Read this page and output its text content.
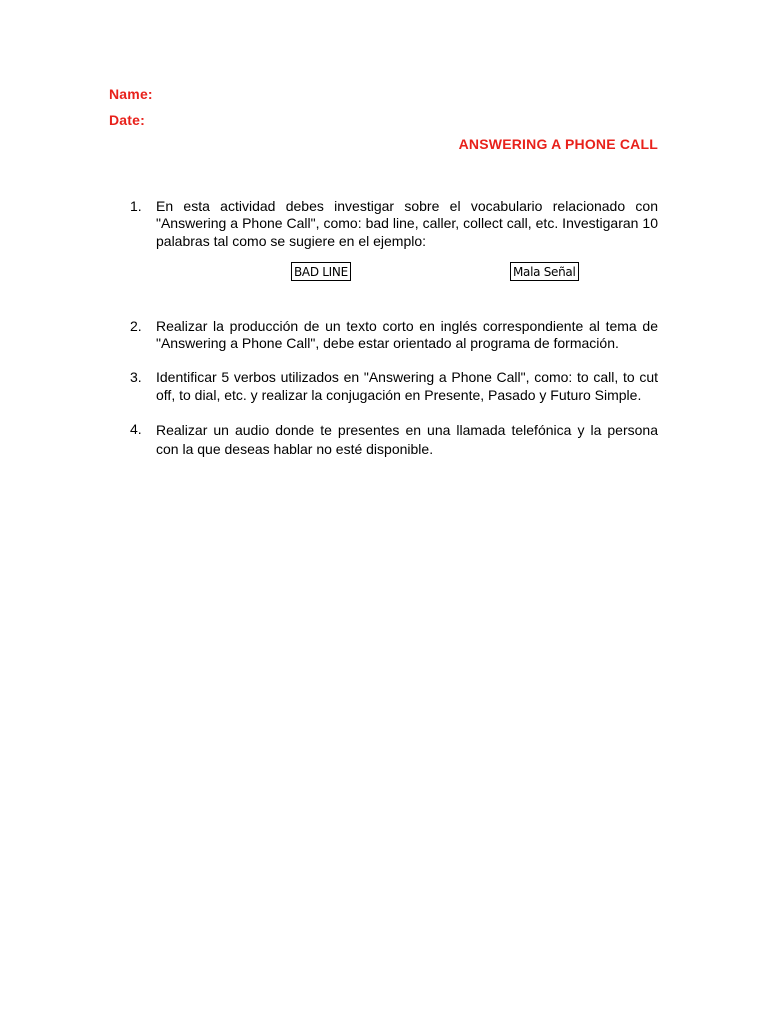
Name:
Date:
ANSWERING A PHONE CALL
1.	En esta actividad debes investigar sobre el vocabulario relacionado con "Answering a Phone Call", como: bad line, caller, collect call, etc. Investigaran 10 palabras tal como se sugiere en el ejemplo:
BAD LINE	Mala Señal
2.	Realizar la producción de un texto corto en inglés correspondiente al tema de "Answering a Phone Call", debe estar orientado al programa de formación.
3.	Identificar 5 verbos utilizados en "Answering a Phone Call", como: to call, to cut off, to dial, etc. y realizar la conjugación en Presente, Pasado y Futuro Simple.
4.	Realizar un audio donde te presentes en una llamada telefónica y la persona con la que deseas hablar no esté disponible.
